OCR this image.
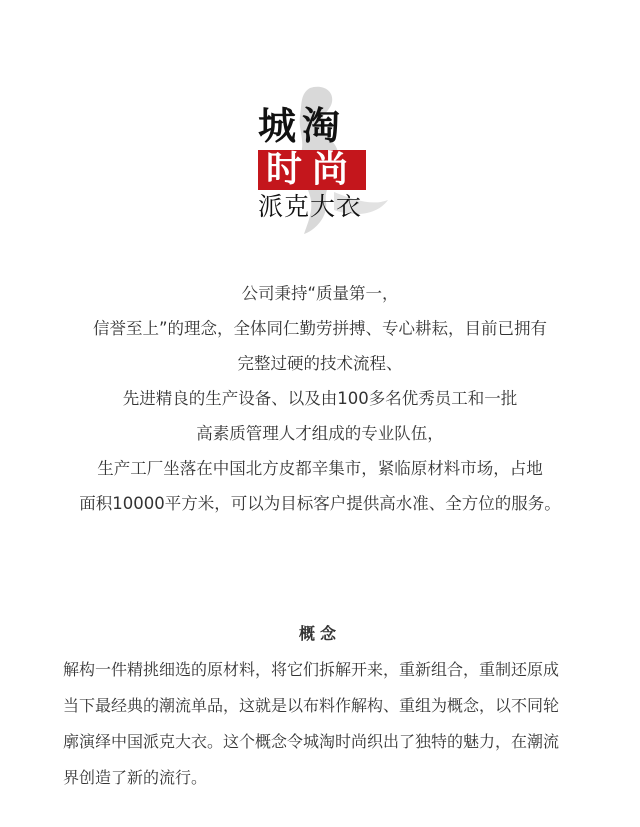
城淘
时尚
派克大衣
公司秉持“质量第一，
信誉至上”的理念，全体同仁勤劳拼搏、专心耕耘，目前已拥有
完整过硬的技术流程、
先进精良的生产设备、以及由100多名优秀员工和一批
高素质管理人才组成的专业队伍，
生产工厂坐落在中国北方皮都辛集市，紧临原材料市场，占地
面积10000平方米，可以为目标客户提供高水准、全方位的服务。
概念
解构一件精挑细选的原材料，将它们拆解开来，重新组合，重制还原成
当下最经典的潮流单品，这就是以布料作解构、重组为概念，以不同轮
廓演绎中国派克大衣。这个概念令城淘时尚织出了独特的魅力，在潮流
界创造了新的流行。
